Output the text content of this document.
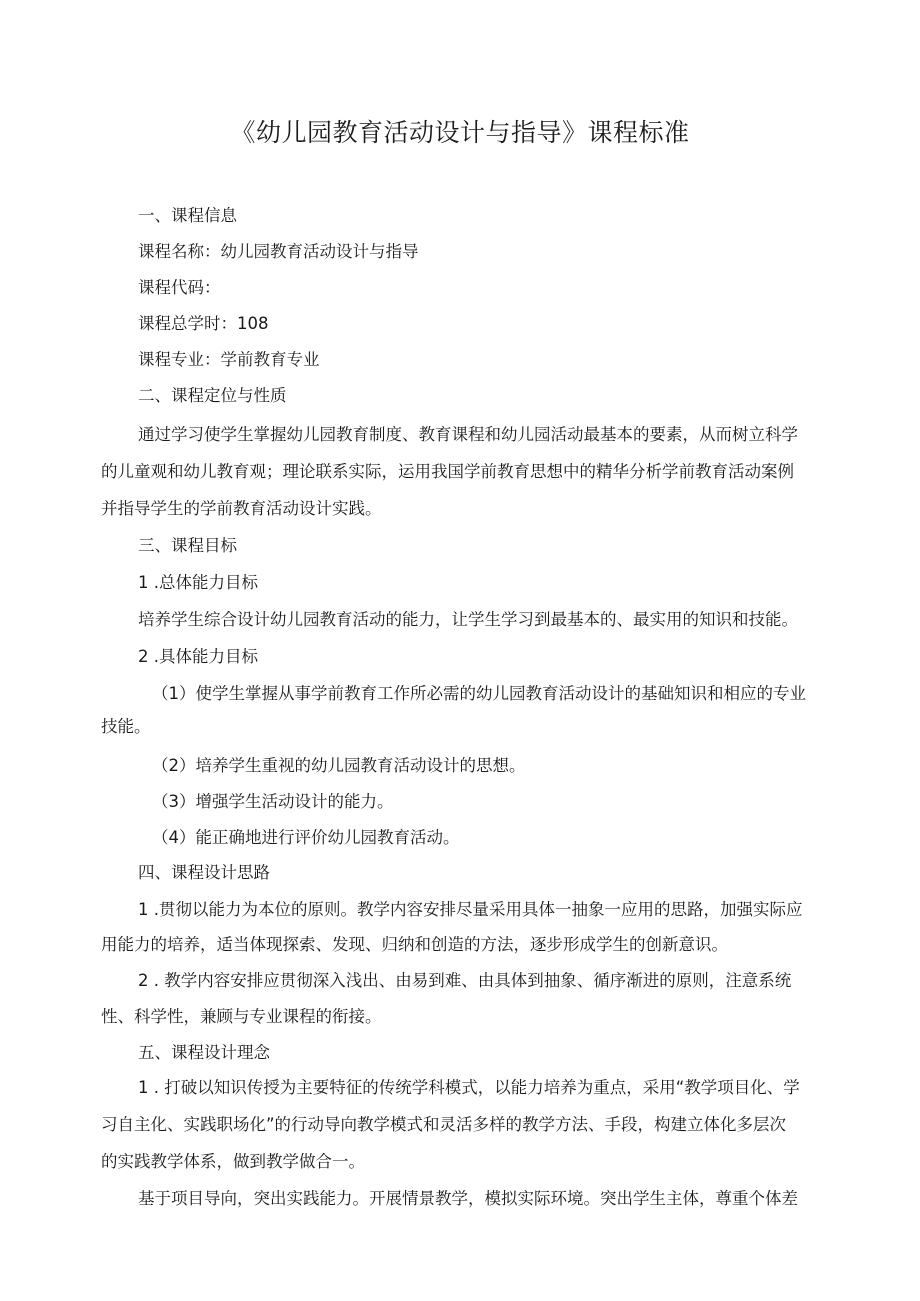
《幼儿园教育活动设计与指导》课程标准

一、课程信息

课程名称：幼儿园教育活动设计与指导

课程代码：

课程总学时：108

课程专业：学前教育专业

二、课程定位与性质

通过学习使学生掌握幼儿园教育制度、教育课程和幼儿园活动最基本的要素，从而树立科学

的儿童观和幼儿教育观；理论联系实际，运用我国学前教育思想中的精华分析学前教育活动案例

并指导学生的学前教育活动设计实践。

三、课程目标

1 .总体能力目标

培养学生综合设计幼儿园教育活动的能力，让学生学习到最基本的、最实用的知识和技能。

2 .具体能力目标

（1）使学生掌握从事学前教育工作所必需的幼儿园教育活动设计的基础知识和相应的专业

技能。

（2）培养学生重视的幼儿园教育活动设计的思想。

（3）增强学生活动设计的能力。

（4）能正确地进行评价幼儿园教育活动。

四、课程设计思路

1 .贯彻以能力为本位的原则。教学内容安排尽量采用具体一抽象一应用的思路，加强实际应

用能力的培养，适当体现探索、发现、归纳和创造的方法，逐步形成学生的创新意识。

2 . 教学内容安排应贯彻深入浅出、由易到难、由具体到抽象、循序渐进的原则，注意系统

性、科学性，兼顾与专业课程的衔接。

五、课程设计理念

1 . 打破以知识传授为主要特征的传统学科模式，以能力培养为重点，采用“教学项目化、学

习自主化、实践职场化”的行动导向教学模式和灵活多样的教学方法、手段，构建立体化多层次

的实践教学体系，做到教学做合一。

基于项目导向，突出实践能力。开展情景教学，模拟实际环境。突出学生主体，尊重个体差
